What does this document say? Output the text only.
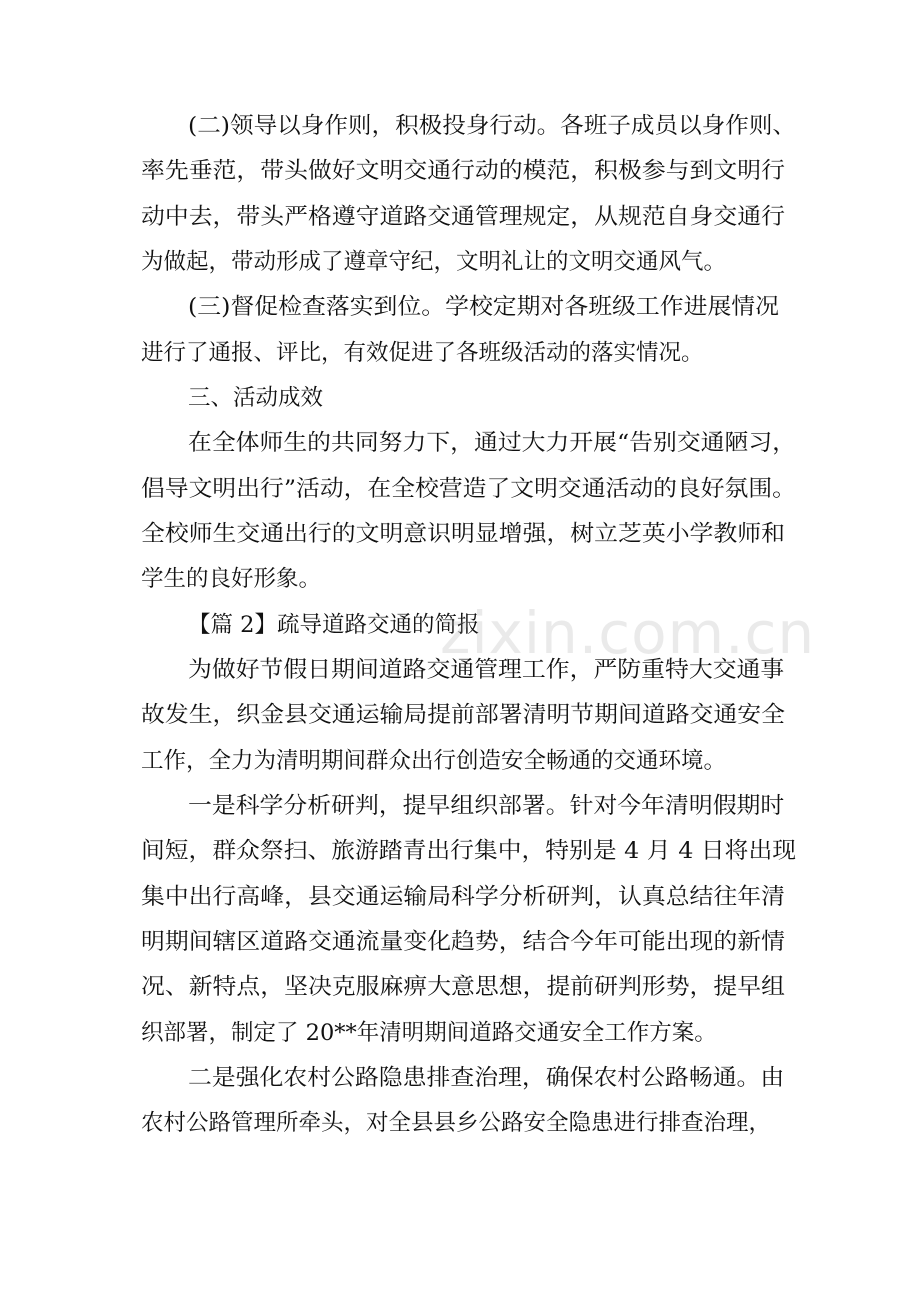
(二)领导以身作则，积极投身行动。各班子成员以身作则、
率先垂范，带头做好文明交通行动的模范，积极参与到文明行
动中去，带头严格遵守道路交通管理规定，从规范自身交通行
为做起，带动形成了遵章守纪，文明礼让的文明交通风气。
(三)督促检查落实到位。学校定期对各班级工作进展情况
进行了通报、评比，有效促进了各班级活动的落实情况。
三、活动成效
在全体师生的共同努力下，通过大力开展“告别交通陋习，
倡导文明出行”活动，在全校营造了文明交通活动的良好氛围。
全校师生交通出行的文明意识明显增强，树立芝英小学教师和
学生的良好形象。
【篇 2】疏导道路交通的简报
为做好节假日期间道路交通管理工作，严防重特大交通事
故发生，织金县交通运输局提前部署清明节期间道路交通安全
工作，全力为清明期间群众出行创造安全畅通的交通环境。
一是科学分析研判，提早组织部署。针对今年清明假期时
间短，群众祭扫、旅游踏青出行集中，特别是 4 月 4 日将出现
集中出行高峰，县交通运输局科学分析研判，认真总结往年清
明期间辖区道路交通流量变化趋势，结合今年可能出现的新情
况、新特点，坚决克服麻痹大意思想，提前研判形势，提早组
织部署，制定了 20**年清明期间道路交通安全工作方案。
二是强化农村公路隐患排查治理，确保农村公路畅通。由
农村公路管理所牵头，对全县县乡公路安全隐患进行排查治理，
zixin.com.cn
